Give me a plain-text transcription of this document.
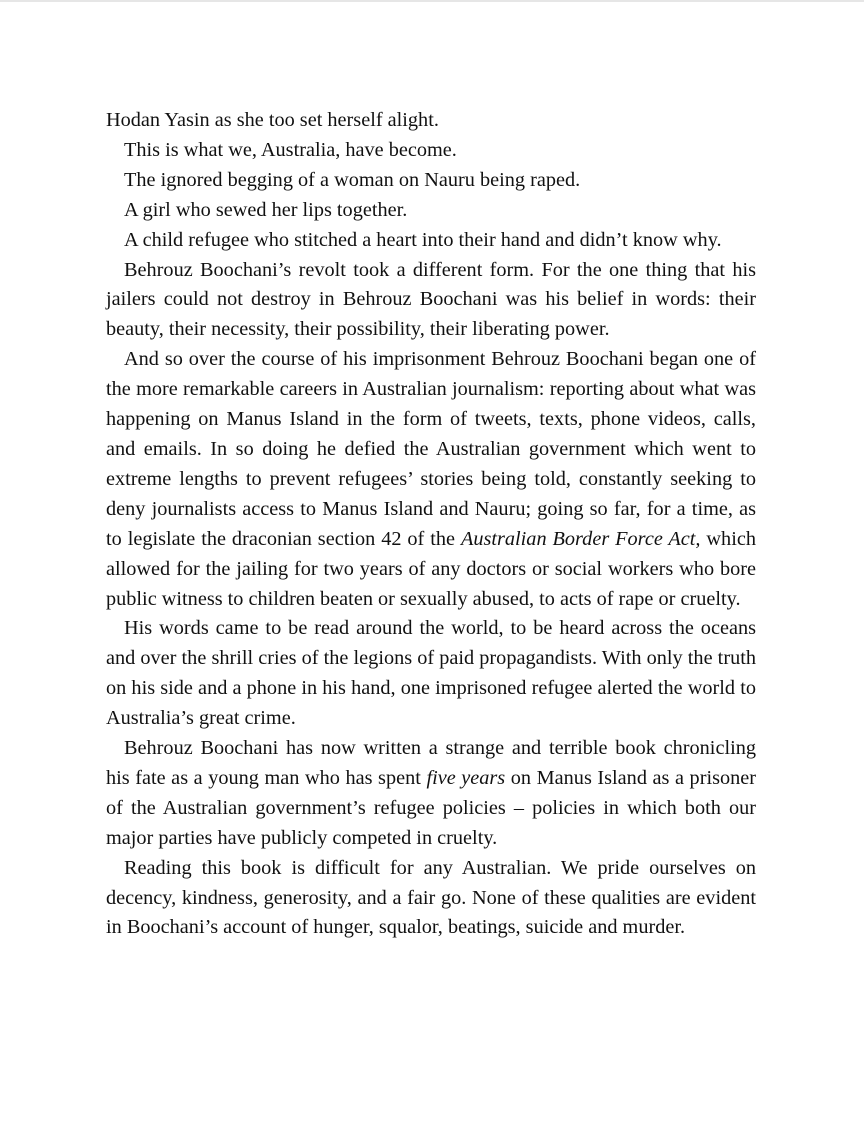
Hodan Yasin as she too set herself alight.

This is what we, Australia, have become.

The ignored begging of a woman on Nauru being raped.

A girl who sewed her lips together.

A child refugee who stitched a heart into their hand and didn’t know why.

Behrouz Boochani’s revolt took a different form. For the one thing that his jailers could not destroy in Behrouz Boochani was his belief in words: their beauty, their necessity, their possibility, their liberating power.

And so over the course of his imprisonment Behrouz Boochani began one of the more remarkable careers in Australian journalism: reporting about what was happening on Manus Island in the form of tweets, texts, phone videos, calls, and emails. In so doing he defied the Australian government which went to extreme lengths to prevent refugees’ stories being told, constantly seeking to deny journalists access to Manus Island and Nauru; going so far, for a time, as to legislate the draconian section 42 of the Australian Border Force Act, which allowed for the jailing for two years of any doctors or social workers who bore public witness to children beaten or sexually abused, to acts of rape or cruelty.

His words came to be read around the world, to be heard across the oceans and over the shrill cries of the legions of paid propagandists. With only the truth on his side and a phone in his hand, one imprisoned refugee alerted the world to Australia’s great crime.

Behrouz Boochani has now written a strange and terrible book chronicling his fate as a young man who has spent five years on Manus Island as a prisoner of the Australian government’s refugee policies – policies in which both our major parties have publicly competed in cruelty.

Reading this book is difficult for any Australian. We pride ourselves on decency, kindness, generosity, and a fair go. None of these qualities are evident in Boochani’s account of hunger, squalor, beatings, suicide and murder.
